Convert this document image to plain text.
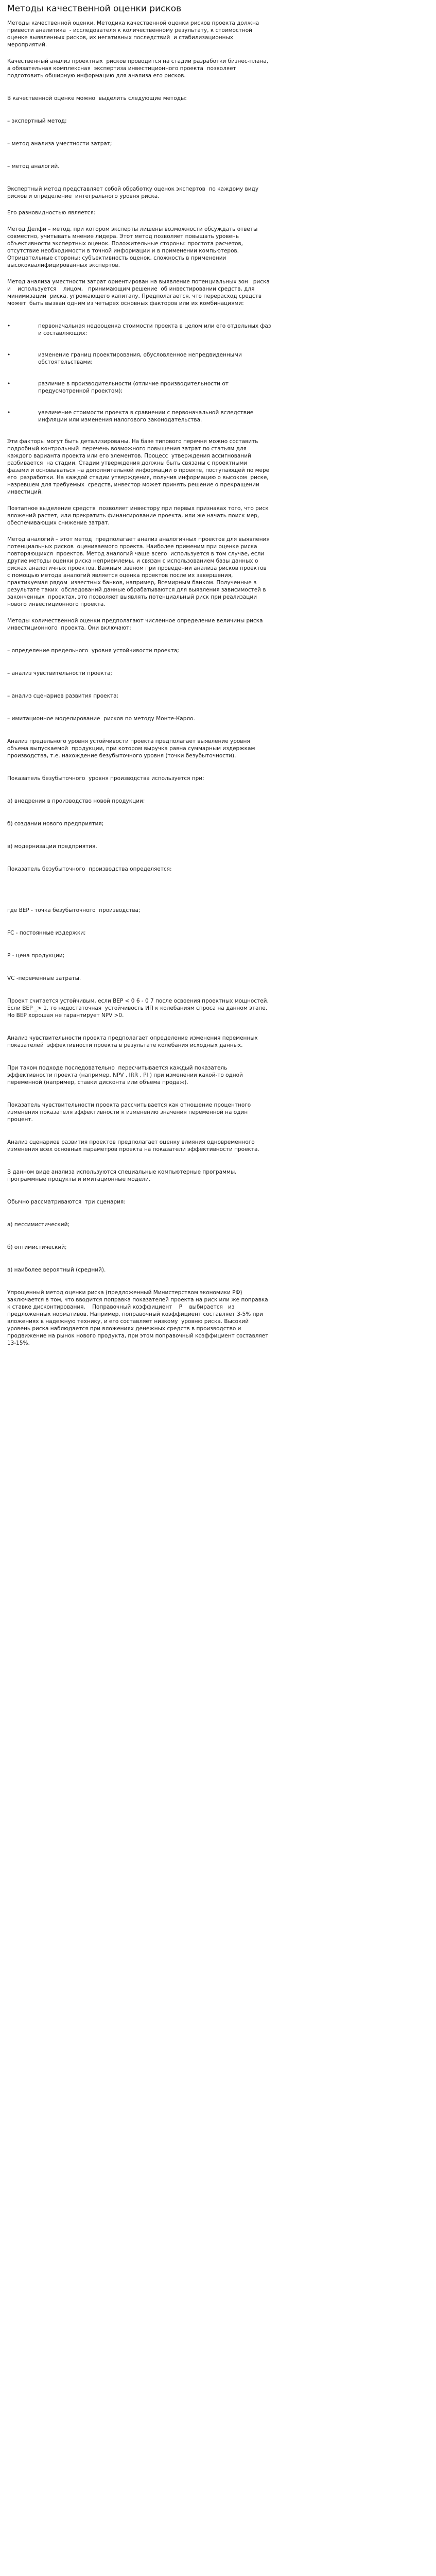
Методы качественной оценки рисков

Методы качественной оценки. Методика качественной оценки рисков проекта должна привести аналитика  - исследователя к количественному результату, к стоимостной оценке выявленных рисков, их негативных последствий  и стабилизационных мероприятий.

Качественный анализ проектных  рисков проводится на стадии разработки бизнес-плана, а обязательная комплексная  экспертиза инвестиционного проекта  позволяет подготовить обширную информацию для анализа его рисков.

В качественной оценке можно  выделить следующие методы:

– экспертный метод;

– метод анализа уместности затрат;

– метод аналогий.

Экспертный метод представляет собой обработку оценок экспертов  по каждому виду рисков и определение  интегрального уровня риска.

Его разновидностью является:

Метод Делфи – метод, при котором эксперты лишены возможности обсуждать ответы совместно, учитывать мнение лидера. Этот метод позволяет повышать уровень объективности экспертных оценок. Положительные стороны: простота расчетов, отсутствие необходимости в точной информации и в применении компьютеров. Отрицательные стороны: субъективность оценок, сложность в применении высококвалифицированных экспертов.

Метод анализа уместности затрат ориентирован на выявление потенциальных зон   риска    и    используется    лицом,   принимающим решение  об инвестировании средств, для минимизации  риска, угрожающего капиталу. Предполагается, что перерасход средств может  быть вызван одним из четырех основных факторов или их комбинациями:

•	первоначальная недооценка стоимости проекта в целом или его отдельных фаз и составляющих:
•	изменение границ проектирования, обусловленное непредвиденными обстоятельствами;
•	различие в производительности (отличие производительности от предусмотренной проектом);
•	увеличение стоимости проекта в сравнении с первоначальной вследствие инфляции или изменения налогового законодательства.

Эти факторы могут быть детализированы. На базе типового перечня можно составить подробный контрольный  перечень возможного повышения затрат по статьям для каждого варианта проекта или его элементов. Процесс  утверждения ассигнований разбивается  на стадии. Стадии утверждения должны быть связаны с проектными фазами и основываться на дополнительной информации о проекте, поступающей по мере его  разработки. На каждой стадии утверждения, получив информацию о высоком  риске, назревшем для требуемых  средств, инвестор может принять решение о прекращении инвестиций.

Поэтапное выделение средств  позволяет инвестору при первых признаках того, что риск вложений растет, или прекратить финансирование проекта, или же начать поиск мер, обеспечивающих снижение затрат.

Метод аналогий – этот метод  предполагает анализ аналогичных проектов для выявления потенциальных рисков  оцениваемого проекта. Наиболее применим при оценке риска повторяющихся  проектов. Метод аналогий чаще всего  используется в том случае, если другие методы оценки риска неприемлемы, и связан с использованием базы данных о рисках аналогичных проектов. Важным звеном при проведении анализа рисков проектов с помощью метода аналогий является оценка проектов после их завершения, практикуемая рядом  известных банков, например, Всемирным банком. Полученные в результате таких  обследований данные обрабатываются для выявления зависимостей в законченных  проектах, это позволяет выявлять потенциальный риск при реализации нового инвестиционного проекта.

Методы количественной оценки предполагают численное определение величины риска инвестиционного  проекта. Они включают:

– определение предельного  уровня устойчивости проекта;

– анализ чувствительности проекта;

– анализ сценариев развития проекта;

– имитационное моделирование  рисков по методу Монте-Карло.

Анализ предельного уровня устойчивости проекта предполагает выявление уровня объема выпускаемой  продукции, при котором выручка равна суммарным издержкам производства, т.е. нахождение безубыточного уровня (точки безубыточности).

Показатель безубыточного  уровня производства используется при:

а) внедрении в производство новой продукции;

б) создании нового предприятия;

в) модернизации предприятия.

Показатель безубыточного  производства определяется:

где ВЕР - точка безубыточного  производства;

FC - постоянные издержки;

P - цена продукции;

VC -переменные затраты.

Проект считается устойчивым, если ВЕР < 0 6 - 0 7 после освоения проектных мощностей. Если ВЕР _> 1, то недостаточная  устойчивость ИП к колебаниям спроса на данном этапе. Но ВЕР хорошая не гарантирует NPV >0.

Анализ чувствительности проекта предполагает определение изменения переменных показателей  эффективности проекта в результате колебания исходных данных.

При таком подходе последовательно  пересчитывается каждый показатель эффективности проекта (например, NPV , IRR , PI ) при изменении какой-то одной переменной (например, ставки дисконта или объема продаж).

Показатель чувствительности проекта рассчитывается как отношение процентного изменения показателя эффективности к изменению значения переменной на один процент.

Анализ сценариев развития проектов предполагает оценку влияния одновременного изменения всех основных параметров проекта на показатели эффективности проекта.

В данном виде анализа используются специальные компьютерные программы, программные продукты и имитационные модели.

Обычно рассматриваются  три сценария:

а) пессимистический;

б) оптимистический;

в) наиболее вероятный (средний).

Упрощенный метод оценки риска (предложенный Министерством экономики РФ) заключается в том, что вводится поправка показателей проекта на риск или же поправка к ставке дисконтирования.    Поправочный коэффициент    P    выбирается   из предложенных нормативов. Например, поправочный коэффициент составляет 3-5% при вложениях в надежную технику, и его составляет низкому  уровню риска. Высокий уровень риска наблюдается при вложениях денежных средств в производство и продвижение на рынок нового продукта, при этом поправочный коэффициент составляет 13-15%.
